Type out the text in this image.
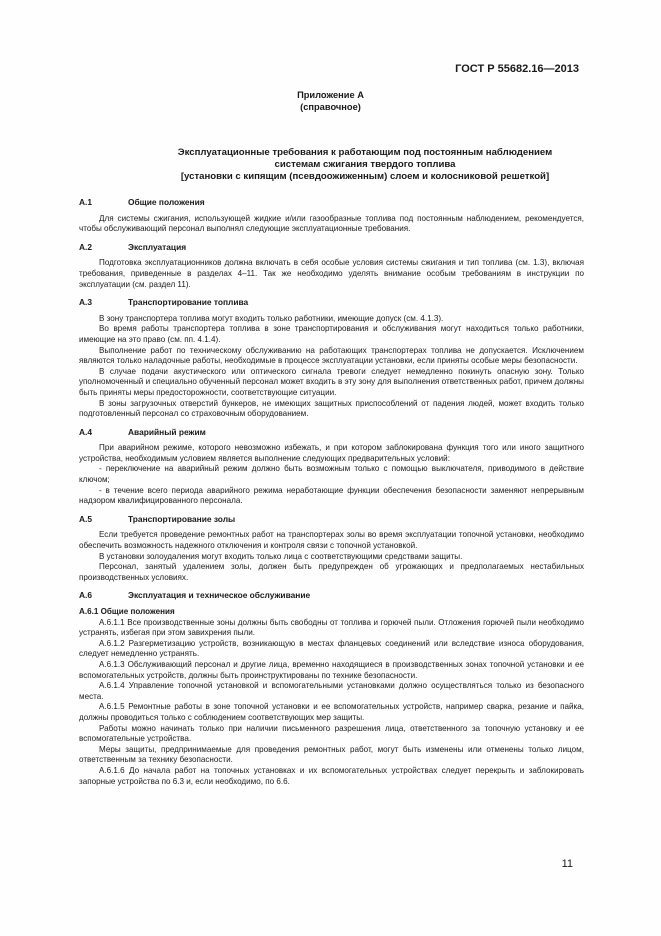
ГОСТ Р 55682.16—2013
Приложение А
(справочное)
Эксплуатационные требования к работающим под постоянным наблюдением
системам сжигания твердого топлива
[установки с кипящим (псевдоожиженным) слоем и колосниковой решеткой]
А.1	Общие положения

Для системы сжигания, использующей жидкие и/или газообразные топлива под постоянным наблюдением, рекомендуется, чтобы обслуживающий персонал выполнял следующие эксплуатационные требования.

А.2	Эксплуатация

Подготовка эксплуатационников должна включать в себя особые условия системы сжигания и тип топлива (см. 1.3), включая требования, приведенные в разделах 4–11. Так же необходимо уделять внимание особым требованиям в инструкции по эксплуатации (см. раздел 11).

А.3	Транспортирование топлива

В зону транспортера топлива могут входить только работники, имеющие допуск (см. 4.1.3).

Во время работы транспортера топлива в зоне транспортирования и обслуживания могут находиться только работники, имеющие на это право (см. пп. 4.1.4).

Выполнение работ по техническому обслуживанию на работающих транспортерах топлива не допускается. Исключением являются только наладочные работы, необходимые в процессе эксплуатации установки, если приняты особые меры безопасности.

В случае подачи акустического или оптического сигнала тревоги следует немедленно покинуть опасную зону. Только уполномоченный и специально обученный персонал может входить в эту зону для выполнения ответственных работ, причем должны быть приняты меры предосторожности, соответствующие ситуации.

В зоны загрузочных отверстий бункеров, не имеющих защитных приспособлений от падения людей, может входить только подготовленный персонал со страховочным оборудованием.

А.4	Аварийный режим

При аварийном режиме, которого невозможно избежать, и при котором заблокирована функция того или иного защитного устройства, необходимым условием является выполнение следующих предварительных условий:

- переключение на аварийный режим должно быть возможным только с помощью выключателя, приводимого в действие ключом;

- в течение всего периода аварийного режима неработающие функции обеспечения безопасности заменяют непрерывным надзором квалифицированного персонала.

А.5	Транспортирование золы

Если требуется проведение ремонтных работ на транспортерах золы во время эксплуатации топочной установки, необходимо обеспечить возможность надежного отключения и контроля связи с топочной установкой.

В установки золоудаления могут входить только лица с соответствующими средствами защиты.

Персонал, занятый удалением золы, должен быть предупрежден об угрожающих и предполагаемых нестабильных производственных условиях.

А.6	Эксплуатация и техническое обслуживание

А.6.1 Общие положения

А.6.1.1 Все производственные зоны должны быть свободны от топлива и горючей пыли. Отложения горючей пыли необходимо устранять, избегая при этом завихрения пыли.

А.6.1.2 Разгерметизацию устройств, возникающую в местах фланцевых соединений или вследствие износа оборудования, следует немедленно устранять.

А.6.1.3 Обслуживающий персонал и другие лица, временно находящиеся в производственных зонах топочной установки и ее вспомогательных устройств, должны быть проинструктированы по технике безопасности.

А.6.1.4 Управление топочной установкой и вспомогательными установками должно осуществляться только из безопасного места.

А.6.1.5 Ремонтные работы в зоне топочной установки и ее вспомогательных устройств, например сварка, резание и пайка, должны проводиться только с соблюдением соответствующих мер защиты.

Работы можно начинать только при наличии письменного разрешения лица, ответственного за топочную установку и ее вспомогательные устройства.

Меры защиты, предпринимаемые для проведения ремонтных работ, могут быть изменены или отменены только лицом, ответственным за технику безопасности.

А.6.1.6 До начала работ на топочных установках и их вспомогательных устройствах следует перекрыть и заблокировать запорные устройства по 6.3 и, если необходимо, по 6.6.

11
